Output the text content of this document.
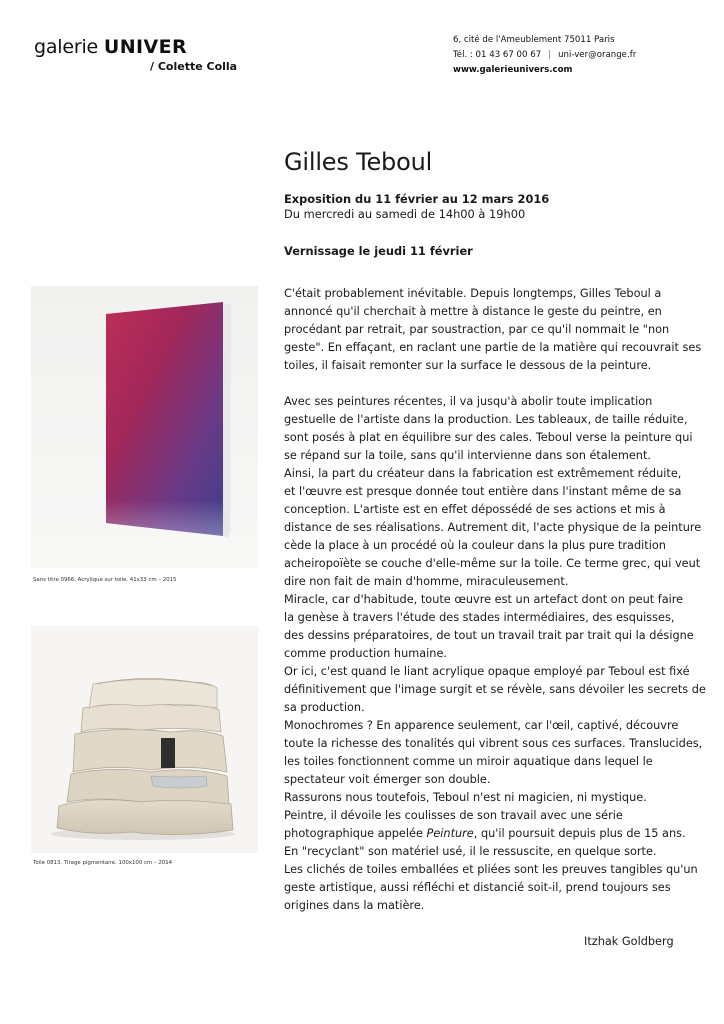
galerie UNIVER
/ Colette Colla
6, cité de l'Ameublement 75011 Paris
Tél. : 01 43 67 00 67 | uni-ver@orange.fr
www.galerieunivers.com
Gilles Teboul
Exposition du 11 février au 12 mars 2016
Du mercredi au samedi de 14h00 à 19h00
Vernissage le jeudi 11 février
Sans titre 0966. Acrylique sur toile. 41x33 cm – 2015
Toile 0813. Tirage pigmentaire. 100x100 cm – 2014

C'était probablement inévitable. Depuis longtemps, Gilles Teboul a
annoncé qu'il cherchait à mettre à distance le geste du peintre, en
procédant par retrait, par soustraction, par ce qu'il nommait le "non
geste". En effaçant, en raclant une partie de la matière qui recouvrait ses
toiles, il faisait remonter sur la surface le dessous de la peinture.

Avec ses peintures récentes, il va jusqu'à abolir toute implication
gestuelle de l'artiste dans la production. Les tableaux, de taille réduite,
sont posés à plat en équilibre sur des cales. Teboul verse la peinture qui
se répand sur la toile, sans qu'il intervienne dans son étalement.
Ainsi, la part du créateur dans la fabrication est extrêmement réduite,
et l'œuvre est presque donnée tout entière dans l'instant même de sa
conception. L'artiste est en effet dépossédé de ses actions et mis à
distance de ses réalisations. Autrement dit, l'acte physique de la peinture
cède la place à un procédé où la couleur dans la plus pure tradition
acheiropoïète se couche d'elle-même sur la toile. Ce terme grec, qui veut
dire non fait de main d'homme, miraculeusement.
Miracle, car d'habitude, toute œuvre est un artefact dont on peut faire
la genèse à travers l'étude des stades intermédiaires, des esquisses,
des dessins préparatoires, de tout un travail trait par trait qui la désigne
comme production humaine.
Or ici, c'est quand le liant acrylique opaque employé par Teboul est fixé
définitivement que l'image surgit et se révèle, sans dévoiler les secrets de
sa production.
Monochromes ? En apparence seulement, car l'œil, captivé, découvre
toute la richesse des tonalités qui vibrent sous ces surfaces. Translucides,
les toiles fonctionnent comme un miroir aquatique dans lequel le
spectateur voit émerger son double.
Rassurons nous toutefois, Teboul n'est ni magicien, ni mystique.
Peintre, il dévoile les coulisses de son travail avec une série
photographique appelée Peinture, qu'il poursuit depuis plus de 15 ans.
En "recyclant" son matériel usé, il le ressuscite, en quelque sorte.
Les clichés de toiles emballées et pliées sont les preuves tangibles qu'un
geste artistique, aussi réfléchi et distancié soit-il, prend toujours ses
origines dans la matière.

Itzhak Goldberg
